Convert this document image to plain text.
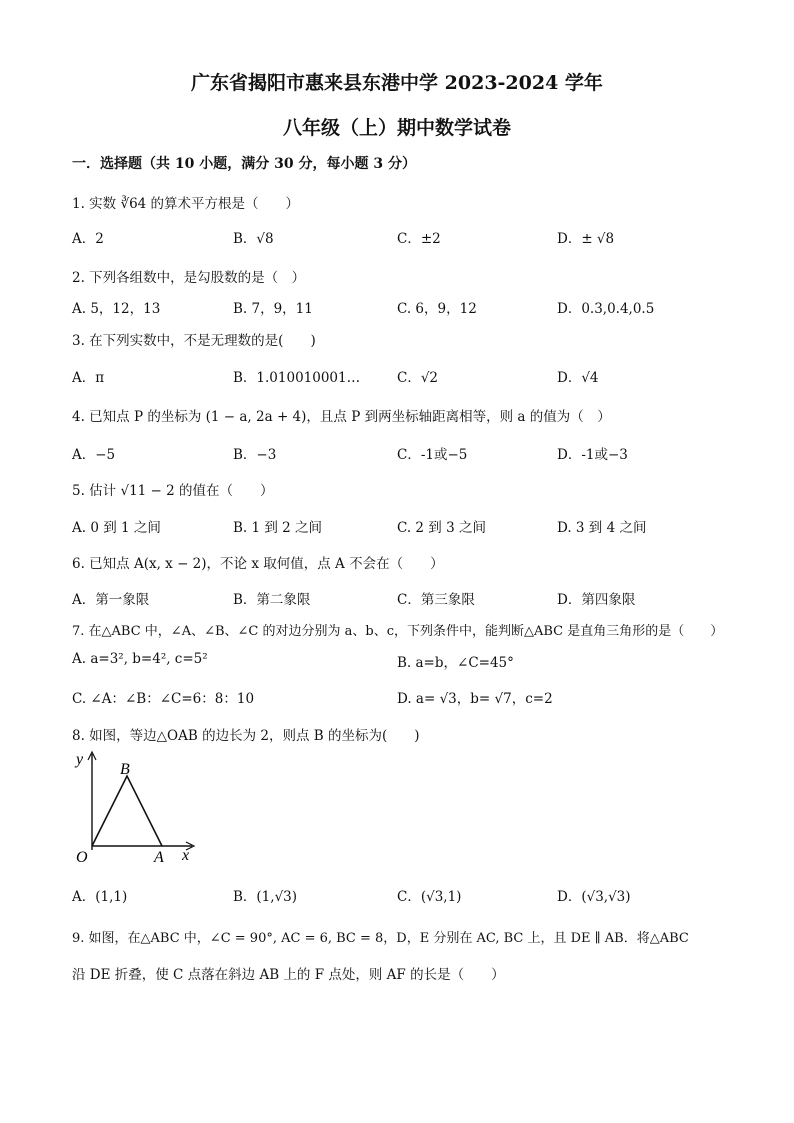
广东省揭阳市惠来县东港中学 2023-2024 学年
八年级（上）期中数学试卷
一．选择题（共 10 小题，满分 30 分，每小题 3 分）
1. 实数 ∛64 的算术平方根是（　　）
A．2	B．√8	C．±2	D．± √8
2. 下列各组数中，是勾股数的是（　）
A. 5，12，13	B. 7，9，11	C. 6，9，12	D．0.3,0.4,0.5
3. 在下列实数中，不是无理数的是(　　)
A．π	B．1.010010001…	C．√2	D．√4
4. 已知点 P 的坐标为 (1 − a, 2a + 4)，且点 P 到两坐标轴距离相等，则 a 的值为（　）
A．−5	B．−3	C．-1或−5	D．-1或−3
5. 估计 √11 − 2 的值在（　　）
A. 0 到 1 之间	B. 1 到 2 之间	C. 2 到 3 之间	D. 3 到 4 之间
6. 已知点 A(x, x − 2)，不论 x 取何值，点 A 不会在（　　）
A．第一象限	B．第二象限	C．第三象限	D．第四象限
7. 在△ABC 中，∠A、∠B、∠C 的对边分别为 a、b、c，下列条件中，能判断△ABC 是直角三角形的是（　　）
A. a=3², b=4², c=5²	B. a=b，∠C=45°
C. ∠A：∠B：∠C=6：8：10	D. a= √3，b= √7，c=2
8. 如图，等边△OAB 的边长为 2，则点 B 的坐标为(　　)
y
x
B
O	A
A．(1,1)	B．(1,√3)	C．(√3,1)	D．(√3,√3)
9. 如图，在△ABC 中，∠C = 90°, AC = 6, BC = 8，D，E 分别在 AC, BC 上，且 DE ∥ AB．将△ABC
沿 DE 折叠，使 C 点落在斜边 AB 上的 F 点处，则 AF 的长是（　　）
